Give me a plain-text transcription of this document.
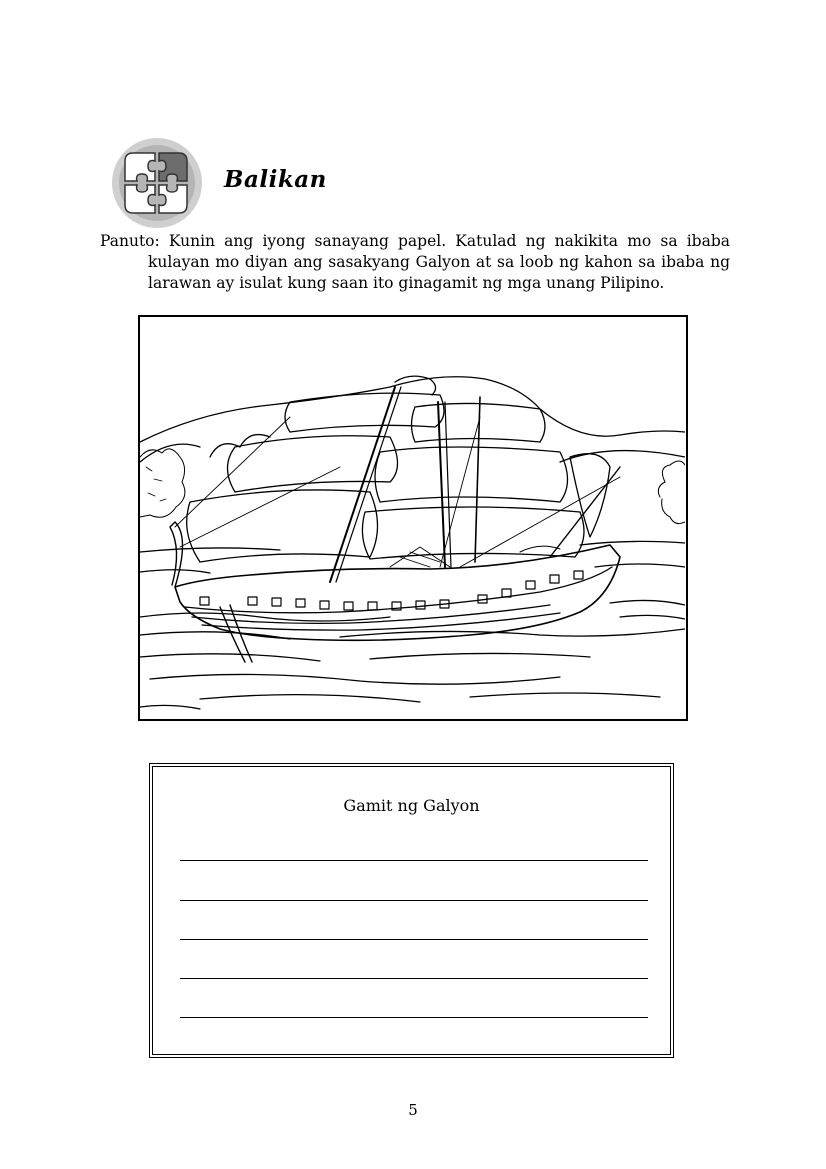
Balikan

Panuto: Kunin ang iyong sanayang papel. Katulad ng nakikita mo sa ibaba kulayan mo diyan ang sasakyang Galyon at sa loob ng kahon sa ibaba ng larawan ay isulat kung saan ito ginagamit ng mga unang Pilipino.

Gamit ng Galyon
5
